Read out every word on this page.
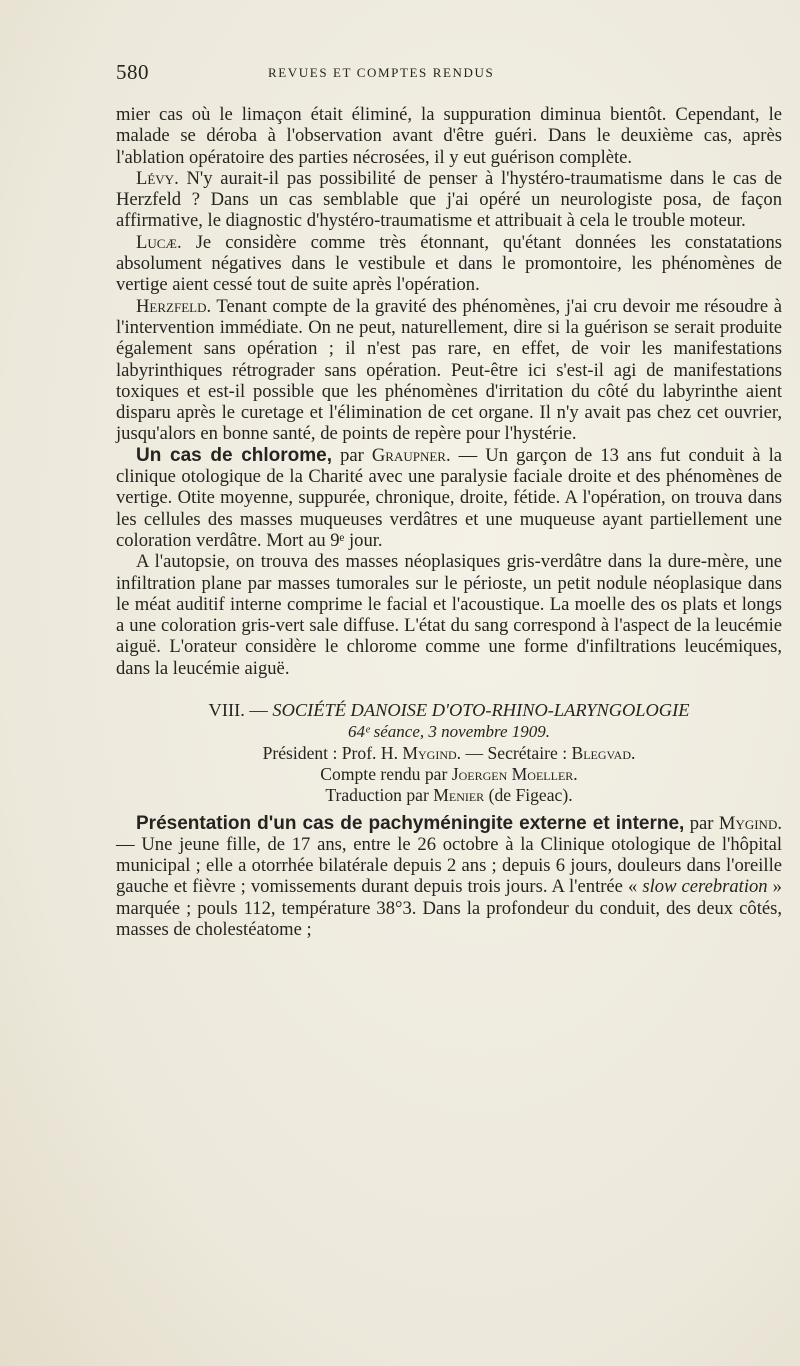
580	REVUES ET COMPTES RENDUS

mier cas où le limaçon était éliminé, la suppuration diminua bientôt. Cependant, le malade se déroba à l'observation avant d'être guéri. Dans le deuxième cas, après l'ablation opératoire des parties nécrosées, il y eut guérison complète.

Lévy. N'y aurait-il pas possibilité de penser à l'hystéro-traumatisme dans le cas de Herzfeld ? Dans un cas semblable que j'ai opéré un neurologiste posa, de façon affirmative, le diagnostic d'hystéro-traumatisme et attribuait à cela le trouble moteur.

Lucæ. Je considère comme très étonnant, qu'étant données les constatations absolument négatives dans le vestibule et dans le promontoire, les phénomènes de vertige aient cessé tout de suite après l'opération.

Herzfeld. Tenant compte de la gravité des phénomènes, j'ai cru devoir me résoudre à l'intervention immédiate. On ne peut, naturellement, dire si la guérison se serait produite également sans opération ; il n'est pas rare, en effet, de voir les manifestations labyrinthiques rétrograder sans opération. Peut-être ici s'est-il agi de manifestations toxiques et est-il possible que les phénomènes d'irritation du côté du labyrinthe aient disparu après le curetage et l'élimination de cet organe. Il n'y avait pas chez cet ouvrier, jusqu'alors en bonne santé, de points de repère pour l'hystérie.

Un cas de chlorome, par Graupner. — Un garçon de 13 ans fut conduit à la clinique otologique de la Charité avec une paralysie faciale droite et des phénomènes de vertige. Otite moyenne, suppurée, chronique, droite, fétide. A l'opération, on trouva dans les cellules des masses muqueuses verdâtres et une muqueuse ayant partiellement une coloration verdâtre. Mort au 9ᵉ jour.

A l'autopsie, on trouva des masses néoplasiques gris-verdâtre dans la dure-mère, une infiltration plane par masses tumorales sur le périoste, un petit nodule néoplasique dans le méat auditif interne comprime le facial et l'acoustique. La moelle des os plats et longs a une coloration gris-vert sale diffuse. L'état du sang correspond à l'aspect de la leucémie aiguë. L'orateur considère le chlorome comme une forme d'infiltrations leucémiques, dans la leucémie aiguë.

VIII. — SOCIÉTÉ DANOISE D'OTO-RHINO-LARYNGOLOGIE
64ᵉ séance, 3 novembre 1909.
Président : Prof. H. Mygind. — Secrétaire : Blegvad.
Compte rendu par Joergen Moeller.
Traduction par Menier (de Figeac).

Présentation d'un cas de pachyméningite externe et interne, par Mygind. — Une jeune fille, de 17 ans, entre le 26 octobre à la Clinique otologique de l'hôpital municipal ; elle a otorrhée bilatérale depuis 2 ans ; depuis 6 jours, douleurs dans l'oreille gauche et fièvre ; vomissements durant depuis trois jours. A l'entrée « slow cerebration » marquée ; pouls 112, température 38°3. Dans la profondeur du conduit, des deux côtés, masses de cholestéatome ;
